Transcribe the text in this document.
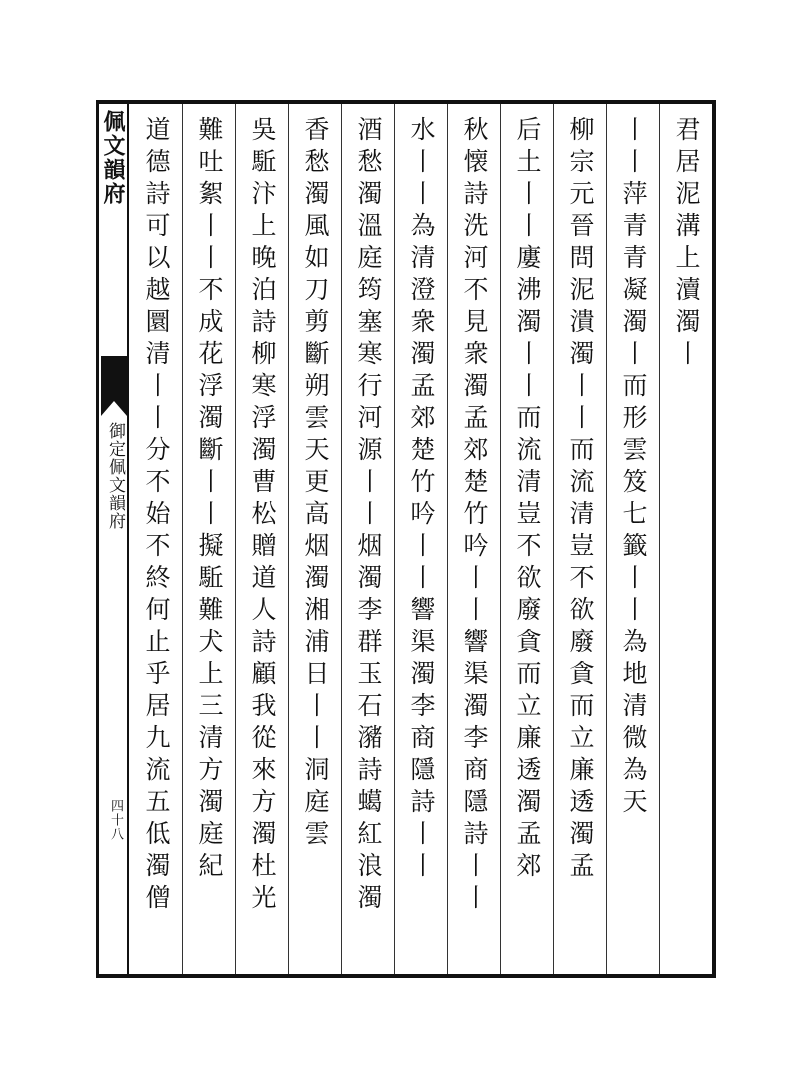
佩文韻府
御定佩文韻府
四十八
君居泥溝上瀆濁丨
丨丨萍青青凝濁丨而形雲笈七籤丨丨為地清微為天
柳宗元晉問泥潰濁丨丨而流清豈不欲廢貪而立廉透濁孟
后土丨丨廔沸濁丨丨而流清豈不欲廢貪而立廉透濁孟郊
秋懐詩洗河不見衆濁孟郊楚竹吟丨丨響渠濁李商隱詩丨丨
水丨丨為清澄衆濁孟郊楚竹吟丨丨響渠濁李商隱詩丨丨
酒愁濁溫庭筠塞寒行河源丨丨烟濁李群玉石瀦詩䗶紅浪濁
香愁濁風如刀剪斷朔雲天更高烟濁湘浦日丨丨洞庭雲
吳駈汴上晚泊詩柳寒浮濁曹松贈道人詩顧我從來方濁杜光
難吐絮丨丨不成花浮濁斷丨丨擬駈難犬上三清方濁庭紀
道德詩可以越圜清丨丨分不始不終何止乎居九流五低濁僧
